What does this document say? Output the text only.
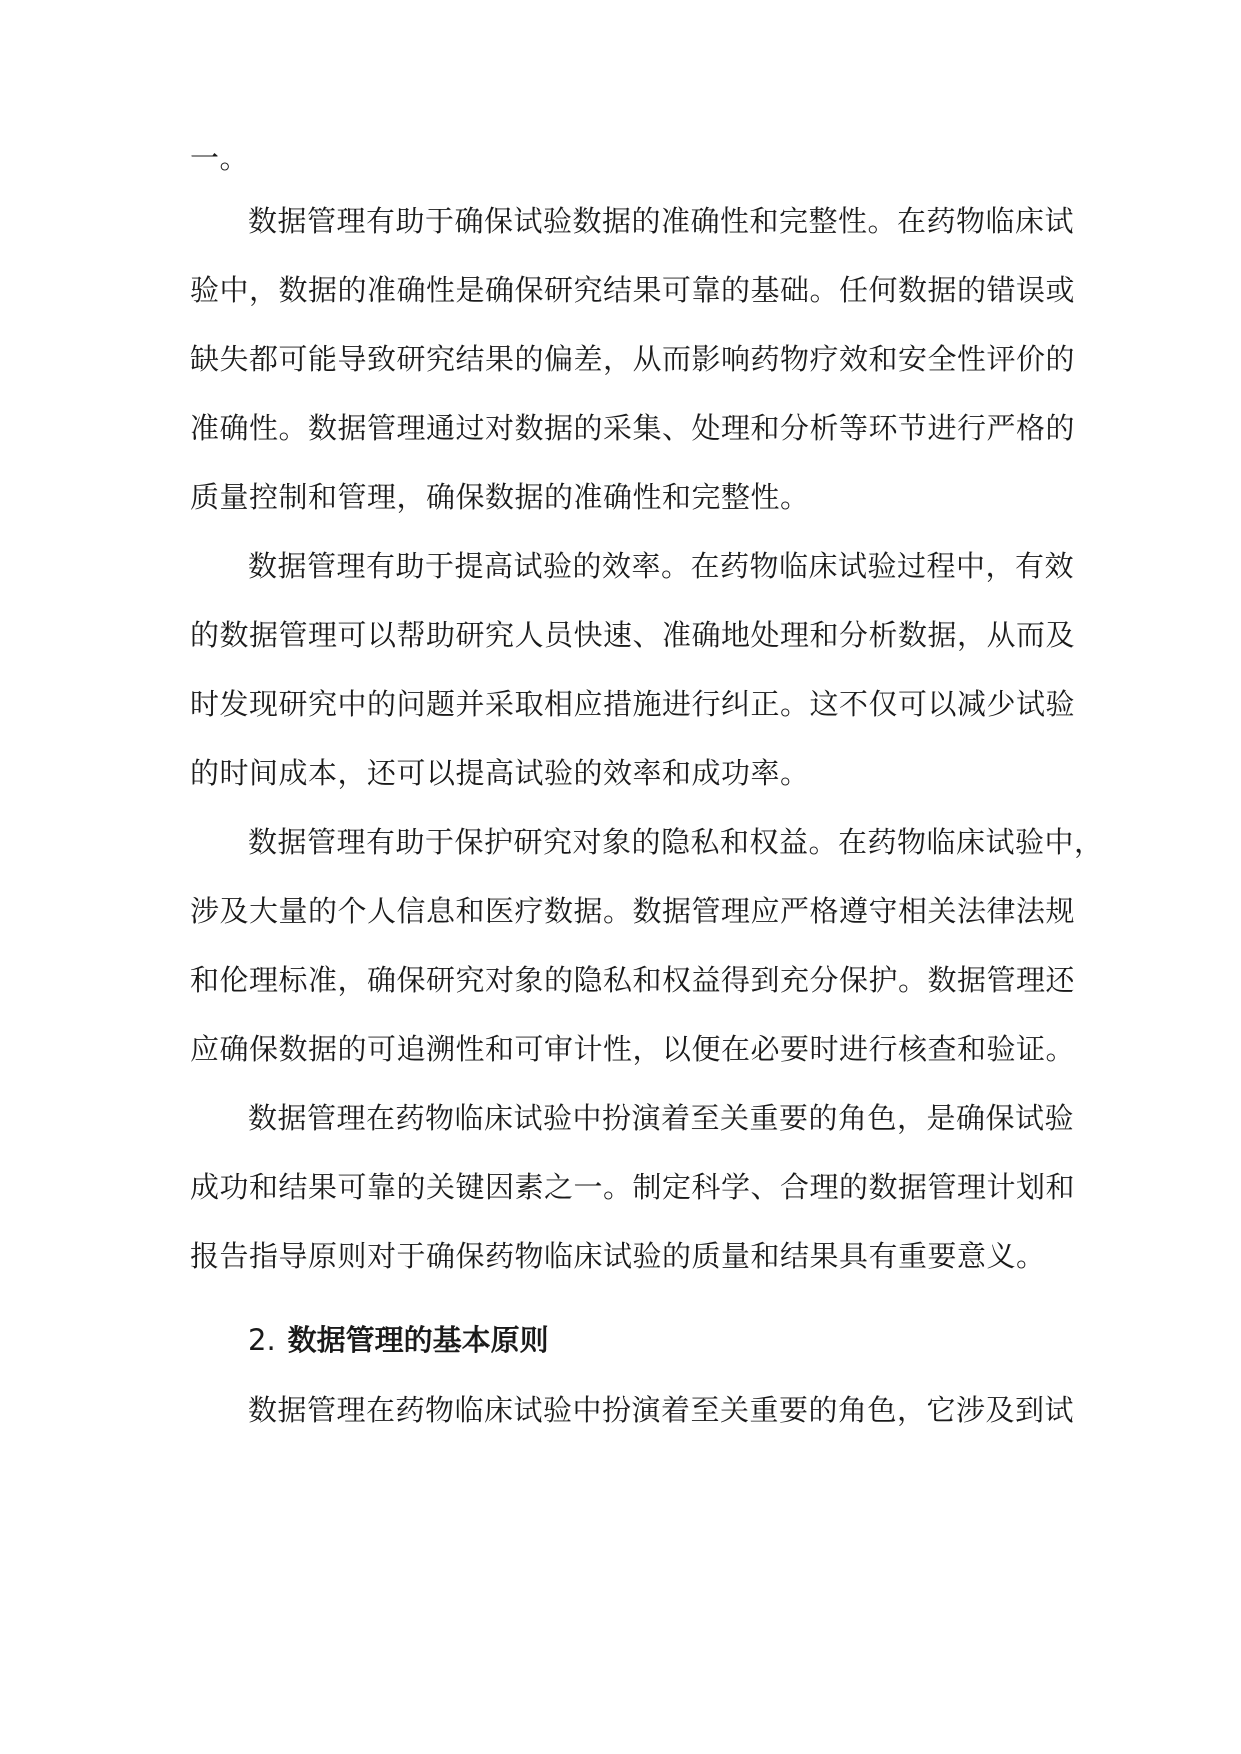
一。
数据管理有助于确保试验数据的准确性和完整性。在药物临床试
验中，数据的准确性是确保研究结果可靠的基础。任何数据的错误或
缺失都可能导致研究结果的偏差，从而影响药物疗效和安全性评价的
准确性。数据管理通过对数据的采集、处理和分析等环节进行严格的
质量控制和管理，确保数据的准确性和完整性。
数据管理有助于提高试验的效率。在药物临床试验过程中，有效
的数据管理可以帮助研究人员快速、准确地处理和分析数据，从而及
时发现研究中的问题并采取相应措施进行纠正。这不仅可以减少试验
的时间成本，还可以提高试验的效率和成功率。
数据管理有助于保护研究对象的隐私和权益。在药物临床试验中，
涉及大量的个人信息和医疗数据。数据管理应严格遵守相关法律法规
和伦理标准，确保研究对象的隐私和权益得到充分保护。数据管理还
应确保数据的可追溯性和可审计性，以便在必要时进行核查和验证。
数据管理在药物临床试验中扮演着至关重要的角色，是确保试验
成功和结果可靠的关键因素之一。制定科学、合理的数据管理计划和
报告指导原则对于确保药物临床试验的质量和结果具有重要意义。
2. 数据管理的基本原则
数据管理在药物临床试验中扮演着至关重要的角色，它涉及到试
